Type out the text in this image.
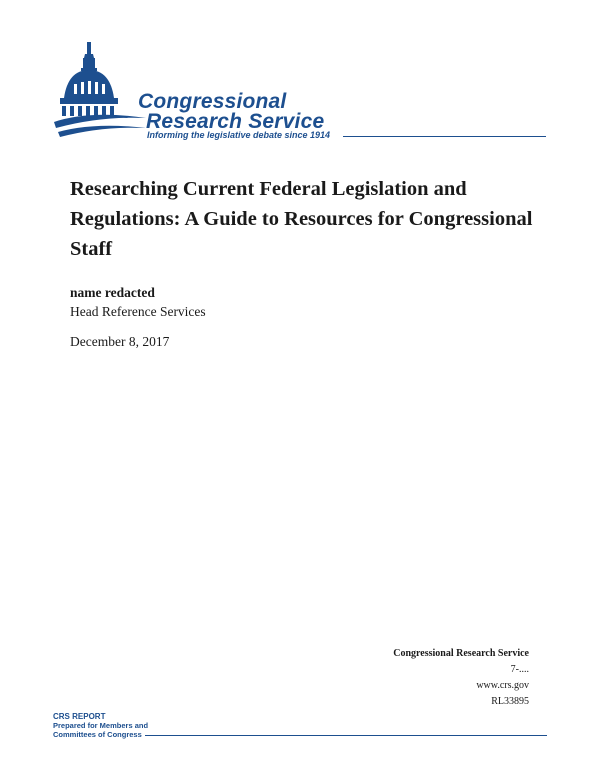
Congressional
Research Service
Informing the legislative debate since 1914
Researching Current Federal Legislation and Regulations: A Guide to Resources for Congressional Staff
name redacted
Head Reference Services
December 8, 2017
Congressional Research Service
7-....
www.crs.gov
RL33895
CRS REPORT
Prepared for Members and
Committees of Congress
